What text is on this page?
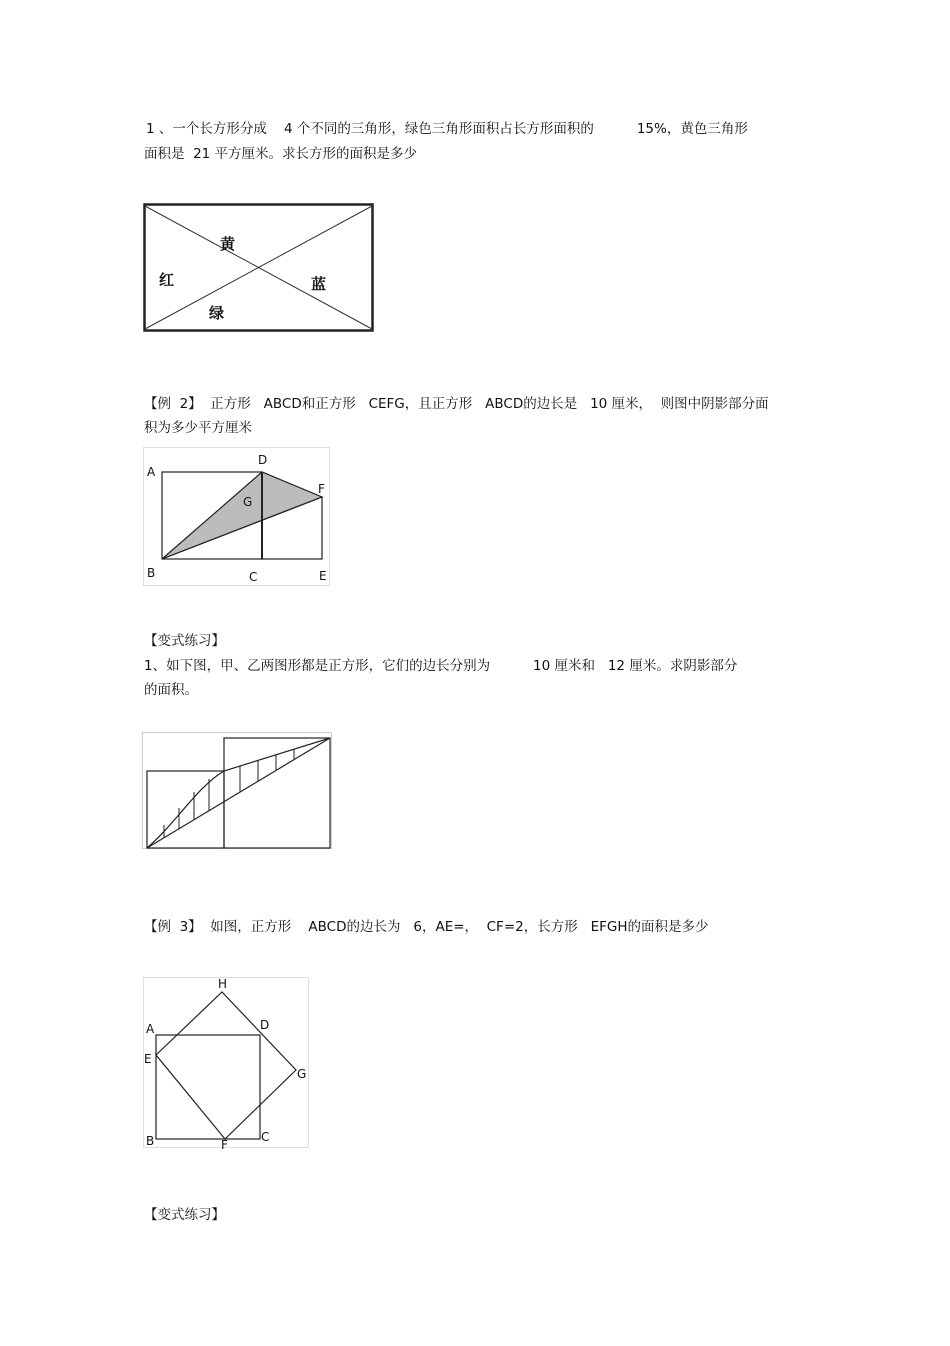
1 、一个长方形分成    4 个不同的三角形，绿色三角形面积占长方形面积的          15%，黄色三角形
面积是  21 平方厘米。求长方形的面积是多少
黄
红	蓝
绿
【例  2】  正方形   ABCD和正方形   CEFG，且正方形   ABCD的边长是   10 厘米，  则图中阴影部分面
积为多少平方厘米
A
D
F
G
B	C	E
【变式练习】
1、如下图，甲、乙两图形都是正方形，它们的边长分别为          10 厘米和   12 厘米。求阴影部分
的面积。
【例  3】  如图，正方形    ABCD的边长为   6，AE=，  CF=2，长方形   EFGH的面积是多少
H
A	D
E
G
B	F
C
【变式练习】
